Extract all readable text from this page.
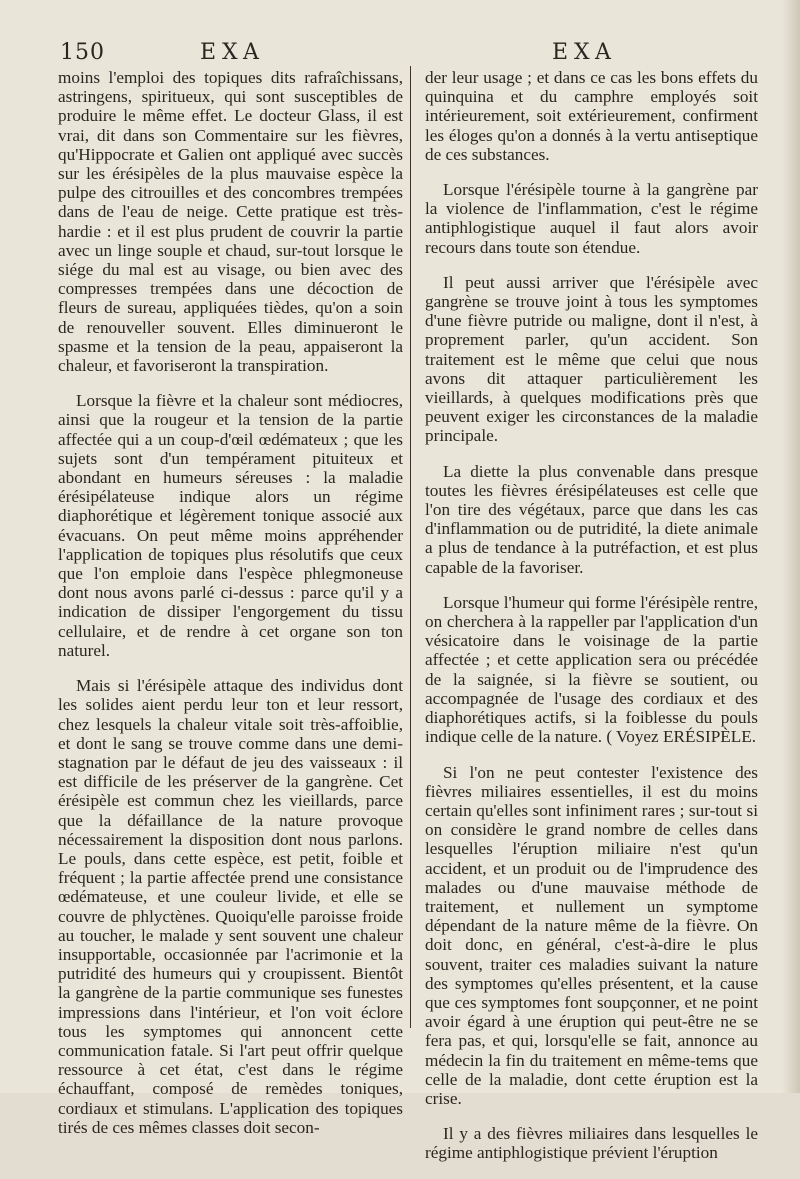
150	EXA	EXA

moins l'emploi des topiques dits rafraîchissans, astringens, spiritueux, qui sont susceptibles de produire le même effet. Le docteur Glass, il est vrai, dit dans son Commentaire sur les fièvres, qu'Hippocrate et Galien ont appliqué avec succès sur les érésipèles de la plus mauvaise espèce la pulpe des citrouilles et des concombres trempées dans de l'eau de neige. Cette pratique est très-hardie : et il est plus prudent de couvrir la partie avec un linge souple et chaud, sur-tout lorsque le siége du mal est au visage, ou bien avec des compresses trempées dans une décoction de fleurs de sureau, appliquées tièdes, qu'on a soin de renouveller souvent. Elles diminueront le spasme et la tension de la peau, appaiseront la chaleur, et favoriseront la transpiration.

Lorsque la fièvre et la chaleur sont médiocres, ainsi que la rougeur et la tension de la partie affectée qui a un coup-d'œil œdémateux ; que les sujets sont d'un tempérament pituiteux et abondant en humeurs séreuses : la maladie érésipélateuse indique alors un régime diaphorétique et légèrement tonique associé aux évacuans. On peut même moins appréhender l'application de topiques plus résolutifs que ceux que l'on emploie dans l'espèce phlegmoneuse dont nous avons parlé ci-dessus : parce qu'il y a indication de dissiper l'engorgement du tissu cellulaire, et de rendre à cet organe son ton naturel.

Mais si l'érésipèle attaque des individus dont les solides aient perdu leur ton et leur ressort, chez lesquels la chaleur vitale soit très-affoiblie, et dont le sang se trouve comme dans une demi-stagnation par le défaut de jeu des vaisseaux : il est difficile de les préserver de la gangrène. Cet érésipèle est commun chez les vieillards, parce que la défaillance de la nature provoque nécessairement la disposition dont nous parlons. Le pouls, dans cette espèce, est petit, foible et fréquent ; la partie affectée prend une consistance œdémateuse, et une couleur livide, et elle se couvre de phlyctènes. Quoiqu'elle paroisse froide au toucher, le malade y sent souvent une chaleur insupportable, occasionnée par l'acrimonie et la putridité des humeurs qui y croupissent. Bientôt la gangrène de la partie communique ses funestes impressions dans l'intérieur, et l'on voit éclore tous les symptomes qui annoncent cette communication fatale. Si l'art peut offrir quelque ressource à cet état, c'est dans le régime échauffant, composé de remèdes toniques, cordiaux et stimulans. L'application des topiques tirés de ces mêmes classes doit secon-

der leur usage ; et dans ce cas les bons effets du quinquina et du camphre employés soit intérieurement, soit extérieurement, confirment les éloges qu'on a donnés à la vertu antiseptique de ces substances.

Lorsque l'érésipèle tourne à la gangrène par la violence de l'inflammation, c'est le régime antiphlogistique auquel il faut alors avoir recours dans toute son étendue.

Il peut aussi arriver que l'érésipèle avec gangrène se trouve joint à tous les symptomes d'une fièvre putride ou maligne, dont il n'est, à proprement parler, qu'un accident. Son traitement est le même que celui que nous avons dit attaquer particulièrement les vieillards, à quelques modifications près que peuvent exiger les circonstances de la maladie principale.

La diette la plus convenable dans presque toutes les fièvres érésipélateuses est celle que l'on tire des végétaux, parce que dans les cas d'inflammation ou de putridité, la diete animale a plus de tendance à la putréfaction, et est plus capable de la favoriser.

Lorsque l'humeur qui forme l'érésipèle rentre, on cherchera à la rappeller par l'application d'un vésicatoire dans le voisinage de la partie affectée ; et cette application sera ou précédée de la saignée, si la fièvre se soutient, ou accompagnée de l'usage des cordiaux et des diaphorétiques actifs, si la foiblesse du pouls indique celle de la nature. ( Voyez ERÉSIPÈLE.

Si l'on ne peut contester l'existence des fièvres miliaires essentielles, il est du moins certain qu'elles sont infiniment rares ; sur-tout si on considère le grand nombre de celles dans lesquelles l'éruption miliaire n'est qu'un accident, et un produit ou de l'imprudence des malades ou d'une mauvaise méthode de traitement, et nullement un symptome dépendant de la nature même de la fièvre. On doit donc, en général, c'est-à-dire le plus souvent, traiter ces maladies suivant la nature des symptomes qu'elles présentent, et la cause que ces symptomes font soupçonner, et ne point avoir égard à une éruption qui peut-être ne se fera pas, et qui, lorsqu'elle se fait, annonce au médecin la fin du traitement en même-tems que celle de la maladie, dont cette éruption est la crise.

Il y a des fièvres miliaires dans lesquelles le régime antiphlogistique prévient l'éruption
